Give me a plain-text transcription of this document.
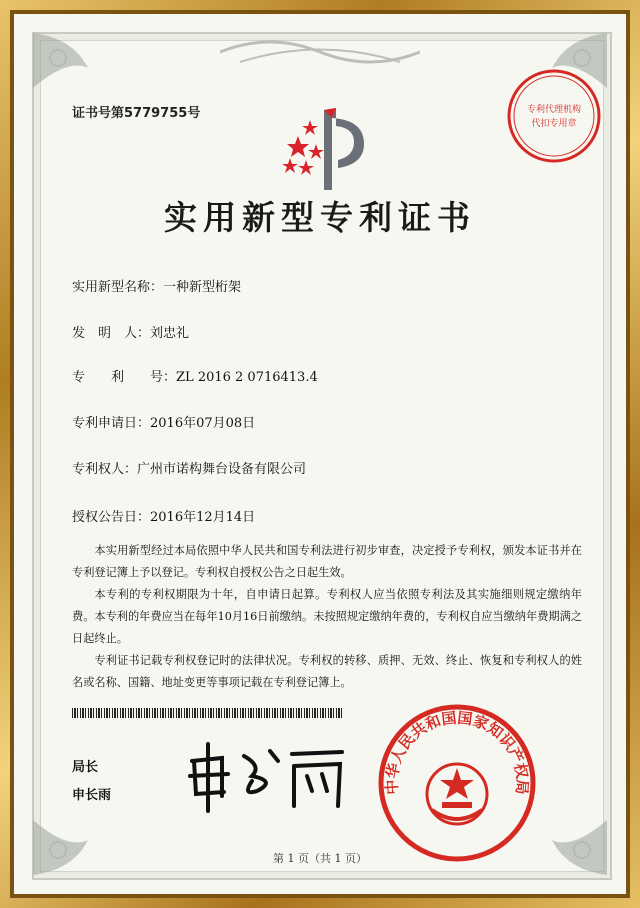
证书号第5779755号	专利代理机构
代扣专用章
实用新型专利证书
实用新型名称：一种新型桁架
发　明　人：刘忠礼
专　　利　　号：ZL 2016 2 0716413.4
专利申请日：2016年07月08日
专利权人：广州市诺构舞台设备有限公司
授权公告日：2016年12月14日

本实用新型经过本局依照中华人民共和国专利法进行初步审查，决定授予专利权，颁发本证书并在专利登记簿上予以登记。专利权自授权公告之日起生效。

本专利的专利权期限为十年，自申请日起算。专利权人应当依照专利法及其实施细则规定缴纳年费。本专利的年费应当在每年10月16日前缴纳。未按照规定缴纳年费的，专利权自应当缴纳年费期满之日起终止。

专利证书记载专利权登记时的法律状况。专利权的转移、质押、无效、终止、恢复和专利权人的姓名或名称、国籍、地址变更等事项记载在专利登记簿上。

局长
申长雨
中华人民共和国国家知识产权局
第 1 页（共 1 页）
